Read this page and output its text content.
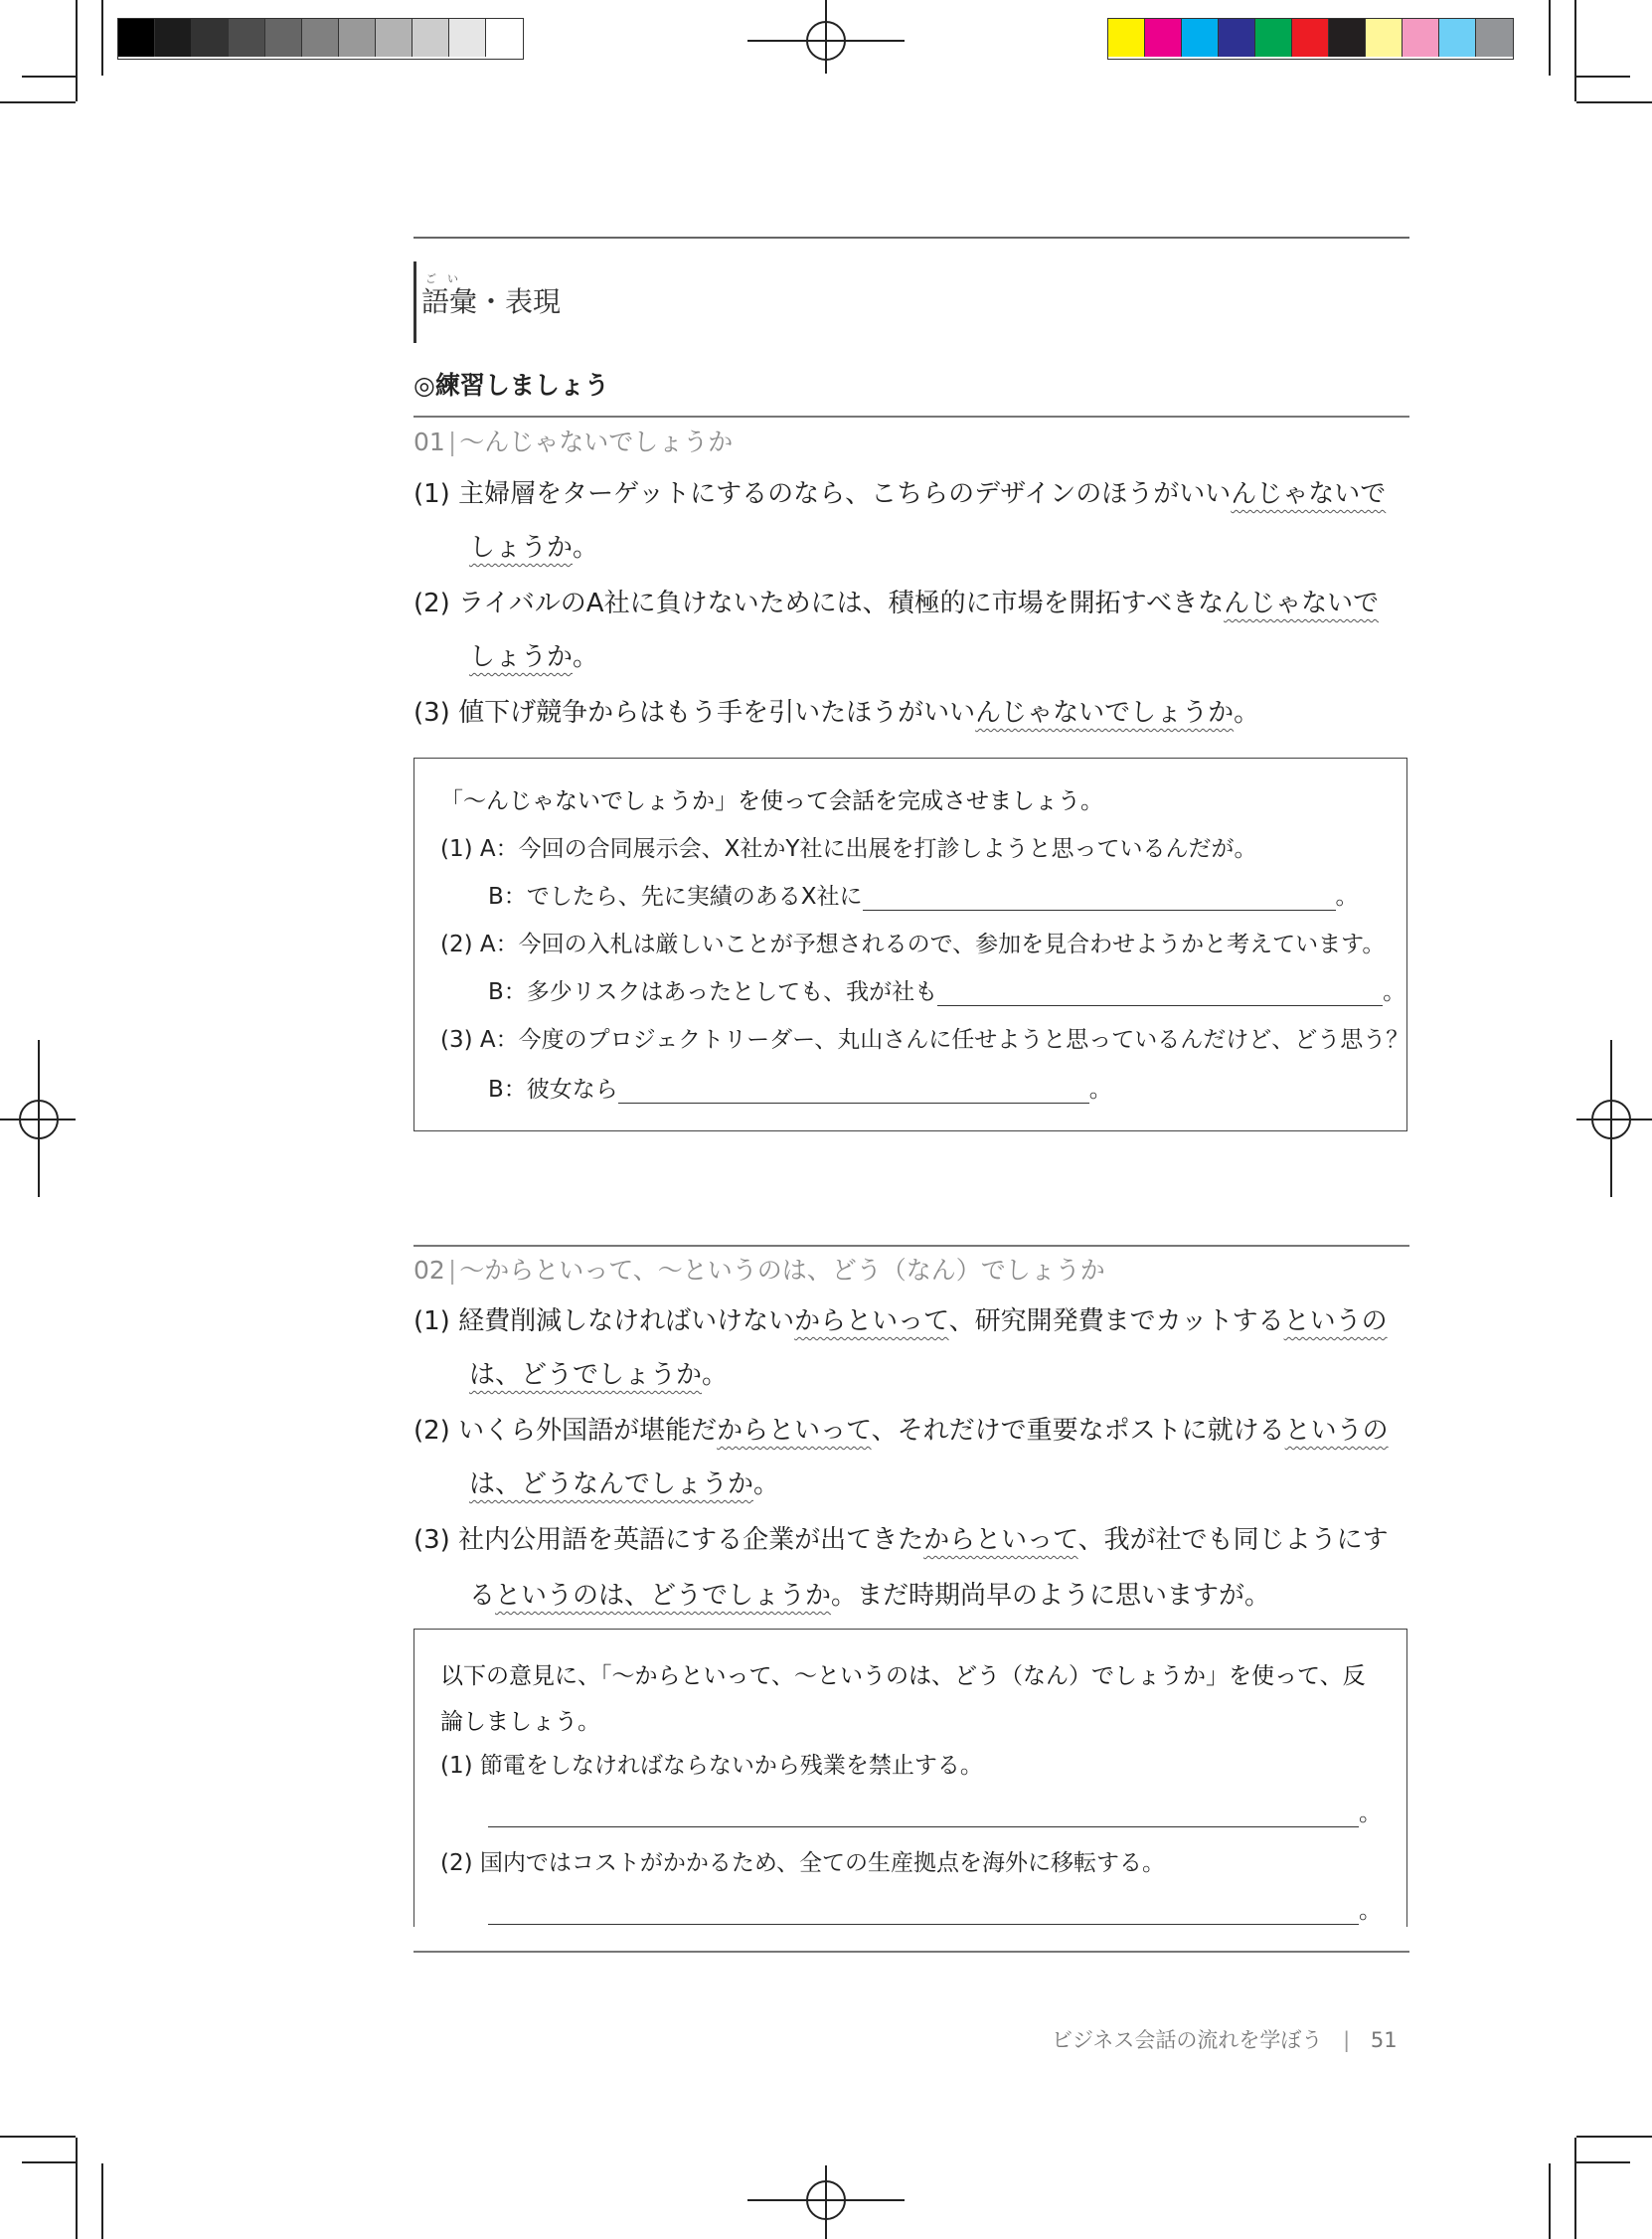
ご　い
語彙・表現
◎練習しましょう
01 | 〜んじゃないでしょうか
(1) 主婦層をターゲットにするのなら、こちらのデザインのほうがいいんじゃないで
しょうか。
(2) ライバルのA社に負けないためには、積極的に市場を開拓すべきなんじゃないで
しょうか。
(3) 値下げ競争からはもう手を引いたほうがいいんじゃないでしょうか。
「〜んじゃないでしょうか」を使って会話を完成させましょう。
(1) A：今回の合同展示会、X社かY社に出展を打診しようと思っているんだが。
B：でしたら、先に実績のあるX社に	。
(2) A：今回の入札は厳しいことが予想されるので、参加を見合わせようかと考えています。
B：多少リスクはあったとしても、我が社も	。
(3) A：今度のプロジェクトリーダー、丸山さんに任せようと思っているんだけど、どう思う？
B：彼女なら	。
02 | 〜からといって、〜というのは、どう（なん）でしょうか
(1) 経費削減しなければいけないからといって、研究開発費までカットするというの
は、どうでしょうか。
(2) いくら外国語が堪能だからといって、それだけで重要なポストに就けるというの
は、どうなんでしょうか。
(3) 社内公用語を英語にする企業が出てきたからといって、我が社でも同じようにす
るというのは、どうでしょうか。まだ時期尚早のように思いますが。
以下の意見に、「〜からといって、〜というのは、どう（なん）でしょうか」を使って、反
論しましょう。
(1) 節電をしなければならないから残業を禁止する。
。
(2) 国内ではコストがかかるため、全ての生産拠点を海外に移転する。
。
ビジネス会話の流れを学ぼう | 51
